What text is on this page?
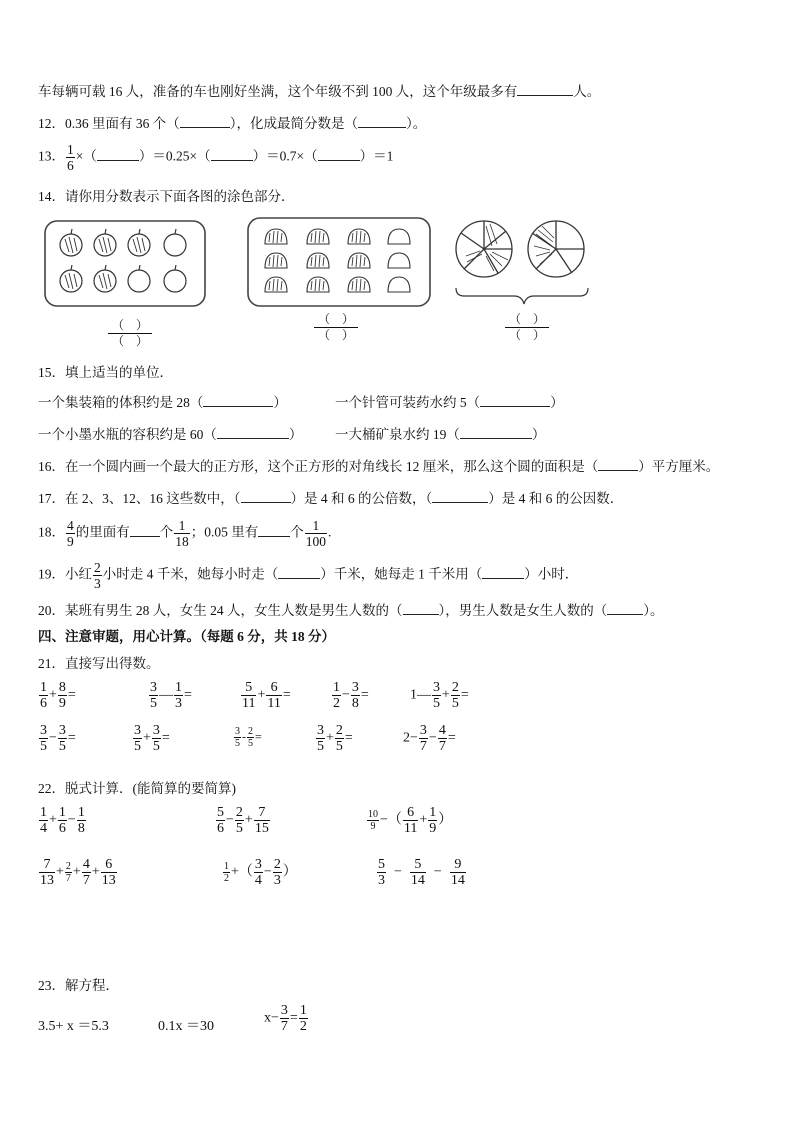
车每辆可载 16 人，准备的车也刚好坐满，这个年级不到 100 人，这个年级最多有	人。
12．0.36 里面有 36 个（	），化成最简分数是（	）。
13． $\frac{1}{6}$ ×（	）＝0.25×（	）＝0.7×（	）＝1
14．请你用分数表示下面各图的涂色部分．
（　）
（　）
（　）
（　）
（　）
（　）
15．填上适当的单位．
一个集装箱的体积约是 28（	）	一个针管可装药水约 5（	）
一个小墨水瓶的容积约是 60（	） 一大桶矿泉水约 19（	）
16．在一个圆内画一个最大的正方形，这个正方形的对角线长 12 厘米，那么这个圆的面积是（	）平方厘米。
17．在 2、3、12、16 这些数中，（	）是 4 和 6 的公倍数，（	）是 4 和 6 的公因数．
18． $\frac{4}{9}$ 的里面有 个 $\frac{1}{18}$ ；0.05 里有 个 $\frac{1}{100}$ .
19．小红 $\frac{2}{3}$ 小时走 4 千米，她每小时走（	）千米，她每走 1 千米用（	）小时．
20．某班有男生 28 人，女生 24 人，女生人数是男生人数的（	），男生人数是女生人数的（	）。
四、注意审题，用心计算。（每题 6 分，共 18 分）
21．直接写出得数。
$\frac{1}{6} + \frac{8}{9}$ =	$\frac{3}{5}$ — $\frac{1}{3}$ =	$\frac{5}{11} + \frac{6}{11}$ =	$\frac{1}{2} - \frac{3}{8}$ =	1— $\frac{3}{5} + \frac{2}{5}$ =
$\frac{3}{5} - \frac{3}{5}$ =	$\frac{3}{5} + \frac{3}{5}$ =	$\frac{3}{5} - \frac{2}{5}$ =	$\frac{3}{5} + \frac{2}{5}$ =	$2- \frac{3}{7} - \frac{4}{7}$ =
22．脱式计算．(能简算的要简算)
$\frac{1}{4} + \frac{1}{6} - \frac{1}{8}$	$\frac{5}{6} - \frac{2}{5} + \frac{7}{15}$	$\frac{10}{9}$ −（ $\frac{6}{11} + \frac{1}{9}$ ）
$\frac{7}{13} + \frac{2}{7} + \frac{4}{7} + \frac{6}{13}$	$\frac{1}{2}$ +（ $\frac{3}{4} - \frac{2}{3}$ ）	$\frac{5}{3} - \frac{5}{14} - \frac{9}{14}$
23．解方程．
3.5+ x ＝5.3	0.1x ＝30
$x- \frac{3}{7} = \frac{1}{2}$
